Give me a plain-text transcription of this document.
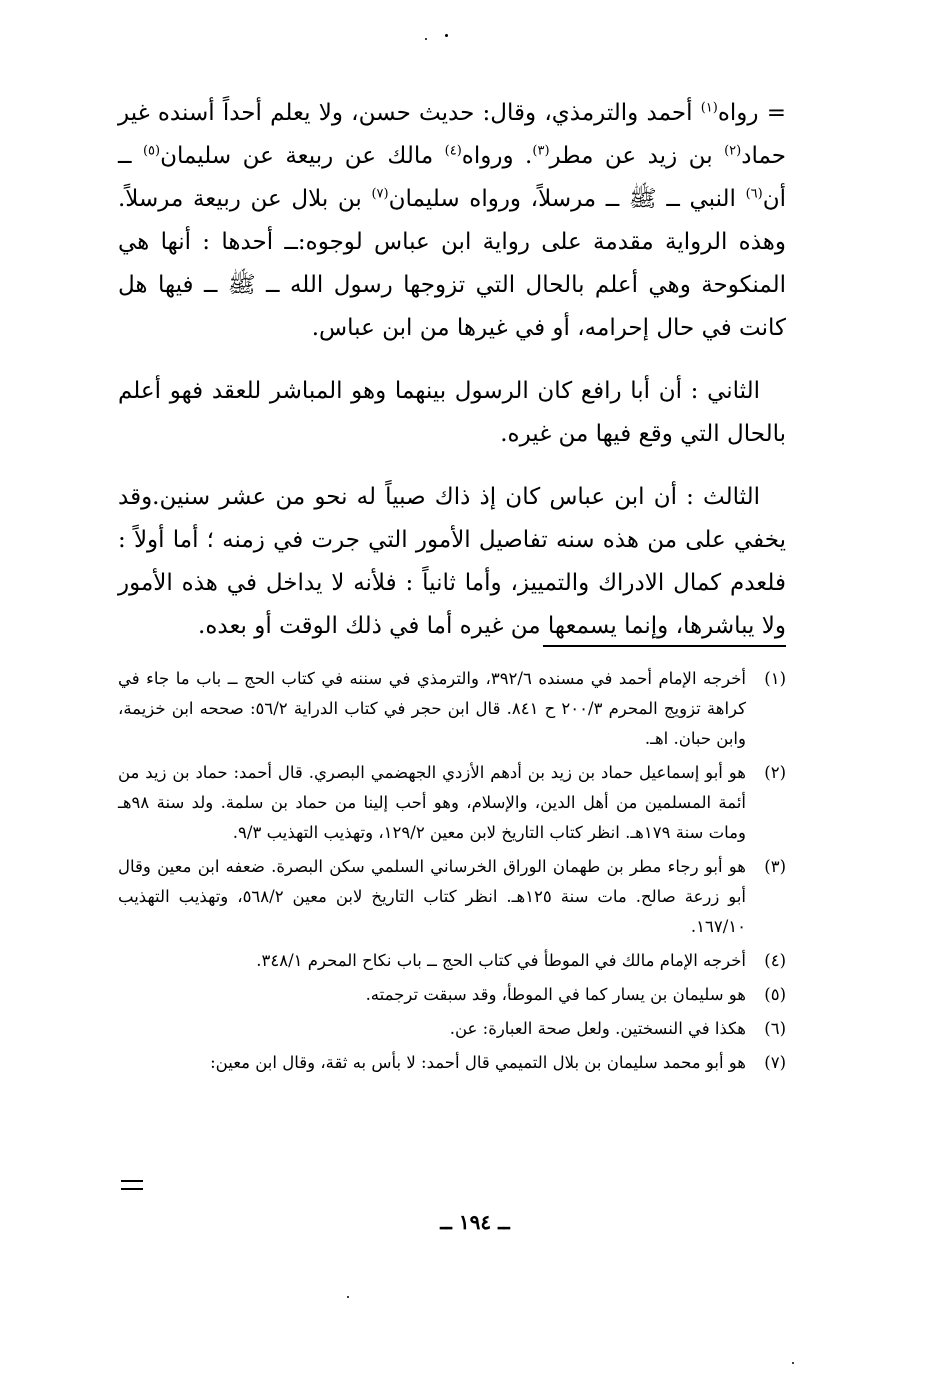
= رواه$^{(١)}$ أحمد والترمذي، وقال: حديث حسن، ولا يعلم أحداً أسنده غير حماد$^{(٢)}$ بن زيد عن مطر$^{(٣)}$. ورواه$^{(٤)}$ مالك عن ربيعة عن سليمان$^{(٥)}$ ــ أن$^{(٦)}$ النبي ــ ﷺ ــ مرسلاً، ورواه سليمان$^{(٧)}$ بن بلال عن ربيعة مرسلاً. وهذه الرواية مقدمة على رواية ابن عباس لوجوه:ــ أحدها : أنها هي المنكوحة وهي أعلم بالحال التي تزوجها رسول الله ــ ﷺ ــ فيها هل كانت في حال إحرامه، أو في غيرها من ابن عباس.

الثاني : أن أبا رافع كان الرسول بينهما وهو المباشر للعقد فهو أعلم بالحال التي وقع فيها من غيره.

الثالث : أن ابن عباس كان إذ ذاك صبياً له نحو من عشر سنين.وقد يخفي على من هذه سنه تفاصيل الأمور التي جرت في زمنه ؛ أما أولاً : فلعدم كمال الادراك والتمييز، وأما ثانياً : فلأنه لا يداخل في هذه الأمور ولا يباشرها، وإنما يسمعها من غيره أما في ذلك الوقت أو بعده.

(١)
أخرجه الإمام أحمد في مسنده ٣٩٢/٦، والترمذي في سننه في كتاب الحج ــ باب ما جاء في كراهة تزويج المحرم ٢٠٠/٣ ح ٨٤١. قال ابن حجر في كتاب الدراية ٥٦/٢: صححه ابن خزيمة، وابن حبان. اهـ.
(٢)
هو أبو إسماعيل حماد بن زيد بن أدهم الأزدي الجهضمي البصري. قال أحمد: حماد بن زيد من أئمة المسلمين من أهل الدين، والإسلام، وهو أحب إلينا من حماد بن سلمة. ولد سنة ٩٨هـ ومات سنة ١٧٩هـ. انظر كتاب التاريخ لابن معين ١٢٩/٢، وتهذيب التهذيب ٩/٣.
(٣)
هو أبو رجاء مطر بن طهمان الوراق الخرساني السلمي سكن البصرة. ضعفه ابن معين وقال أبو زرعة صالح. مات سنة ١٢٥هـ. انظر كتاب التاريخ لابن معين ٥٦٨/٢، وتهذيب التهذيب ١٦٧/١٠.
(٤)
أخرجه الإمام مالك في الموطأ في كتاب الحج ــ باب نكاح المحرم ٣٤٨/١.
(٥)
هو سليمان بن يسار كما في الموطأ، وقد سبقت ترجمته.
(٦)
هكذا في النسختين. ولعل صحة العبارة: عن.
(٧)
هو أبو محمد سليمان بن بلال التميمي قال أحمد: لا بأس به ثقة، وقال ابن معين:
ــ ١٩٤ ــ
